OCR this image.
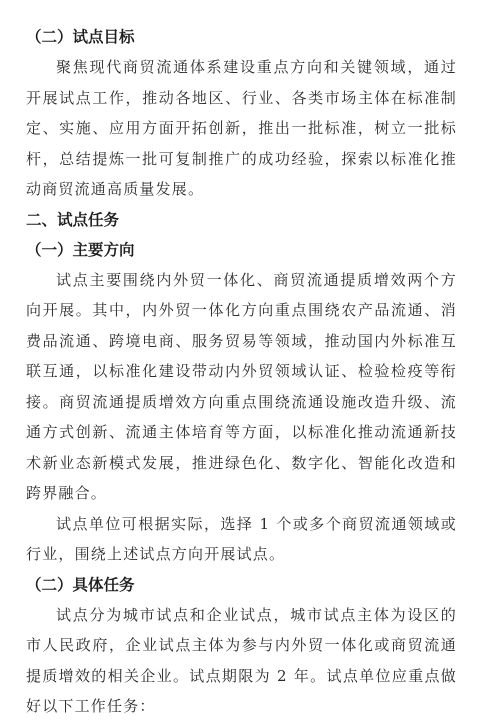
（二）试点目标

聚焦现代商贸流通体系建设重点方向和关键领域，通过开展试点工作，推动各地区、行业、各类市场主体在标准制定、实施、应用方面开拓创新，推出一批标准，树立一批标杆，总结提炼一批可复制推广的成功经验，探索以标准化推动商贸流通高质量发展。

二、试点任务
（一）主要方向

试点主要围绕内外贸一体化、商贸流通提质增效两个方向开展。其中，内外贸一体化方向重点围绕农产品流通、消费品流通、跨境电商、服务贸易等领域，推动国内外标准互联互通，以标准化建设带动内外贸领域认证、检验检疫等衔接。商贸流通提质增效方向重点围绕流通设施改造升级、流通方式创新、流通主体培育等方面，以标准化推动流通新技术新业态新模式发展，推进绿色化、数字化、智能化改造和跨界融合。

试点单位可根据实际，选择 1 个或多个商贸流通领域或行业，围绕上述试点方向开展试点。

（二）具体任务

试点分为城市试点和企业试点，城市试点主体为设区的市人民政府，企业试点主体为参与内外贸一体化或商贸流通提质增效的相关企业。试点期限为 2 年。试点单位应重点做好以下工作任务：
